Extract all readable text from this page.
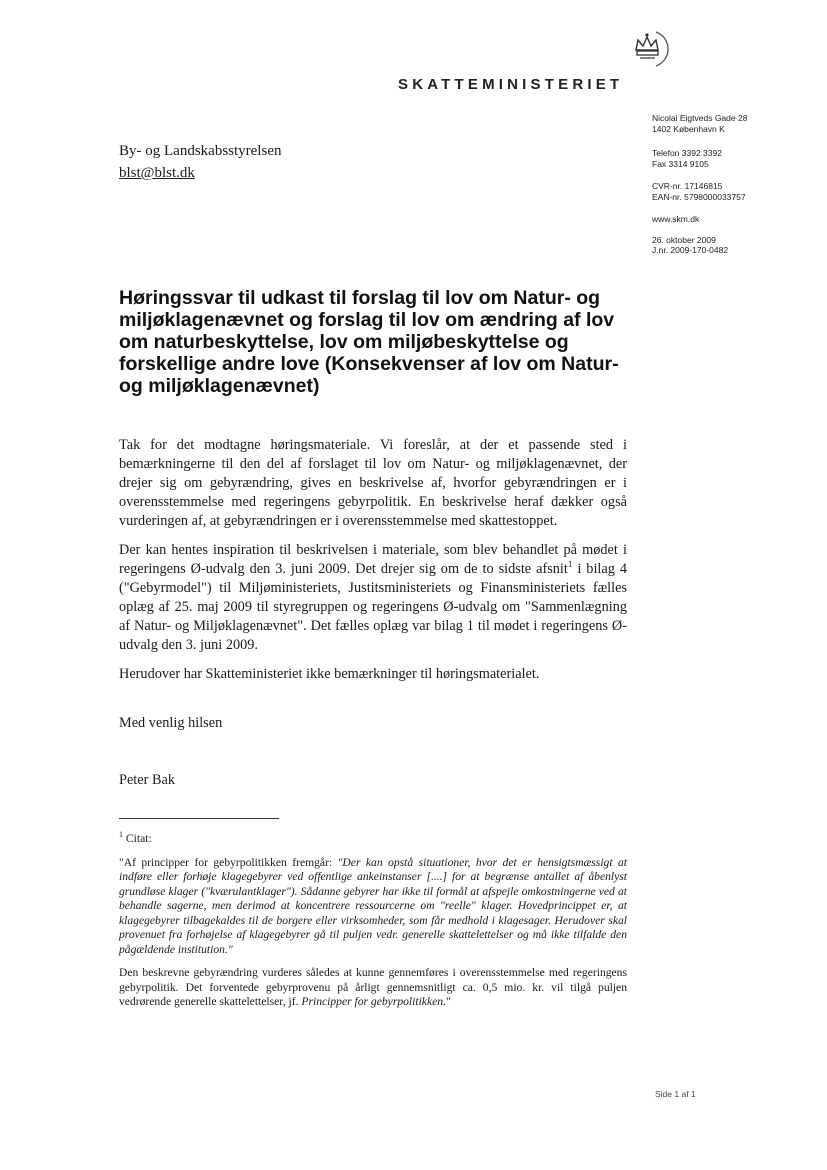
SKATTEMINISTERIET
Nicolai Eigtveds Gade 28
1402 København K
Telefon 3392 3392
Fax 3314 9105
CVR-nr. 17146815
EAN-nr. 5798000033757
www.skm.dk
26. oktober 2009
J.nr. 2009-170-0482
By- og Landskabsstyrelsen
blst@blst.dk
Høringssvar til udkast til forslag til lov om Natur- og miljøklagenævnet og forslag til lov om ændring af lov om naturbeskyttelse, lov om miljøbeskyttelse og forskellige andre love (Konsekvenser af lov om Natur- og miljøklagenævnet)

Tak for det modtagne høringsmateriale. Vi foreslår, at der et passende sted i bemærkningerne til den del af forslaget til lov om Natur- og miljøklagenævnet, der drejer sig om gebyrændring, gives en beskrivelse af, hvorfor gebyrændringen er i overensstemmelse med regeringens gebyrpolitik. En beskrivelse heraf dækker også vurderingen af, at gebyrændringen er i overensstemmelse med skattestoppet.

Der kan hentes inspiration til beskrivelsen i materiale, som blev behandlet på mødet i regeringens Ø-udvalg den 3. juni 2009. Det drejer sig om de to sidste afsnit$^1$ i bilag 4 ("Gebyrmodel") til Miljøministeriets, Justitsministeriets og Finansministeriets fælles oplæg af 25. maj 2009 til styregruppen og regeringens Ø-udvalg om "Sammenlægning af Natur- og Miljøklagenævnet". Det fælles oplæg var bilag 1 til mødet i regeringens Ø-udvalg den 3. juni 2009.

Herudover har Skatteministeriet ikke bemærkninger til høringsmaterialet.

Med venlig hilsen
Peter Bak

$^1$ Citat:

"Af principper for gebyrpolitikken fremgår: "Der kan opstå situationer, hvor det er hensigtsmæssigt at indføre eller forhøje klagegebyrer ved offentlige ankeinstanser [....] for at begrænse antallet af åbenlyst grundløse klager ("kværulantklager"). Sådanne gebyrer har ikke til formål at afspejle omkostningerne ved at behandle sagerne, men derimod at koncentrere ressourcerne om "reelle" klager. Hovedprincippet er, at klagegebyrer tilbagekaldes til de borgere eller virksomheder, som får medhold i klagesager. Herudover skal provenuet fra forhøjelse af klagegebyrer gå til puljen vedr. generelle skattelettelser og må ikke tilfalde den pågældende institution."

Den beskrevne gebyrændring vurderes således at kunne gennemføres i overensstemmelse med regeringens gebyrpolitik. Det forventede gebyrprovenu på årligt gennemsnitligt ca. 0,5 mio. kr. vil tilgå puljen vedrørende generelle skattelettelser, jf. Principper for gebyrpolitikken."

Side 1 af 1
